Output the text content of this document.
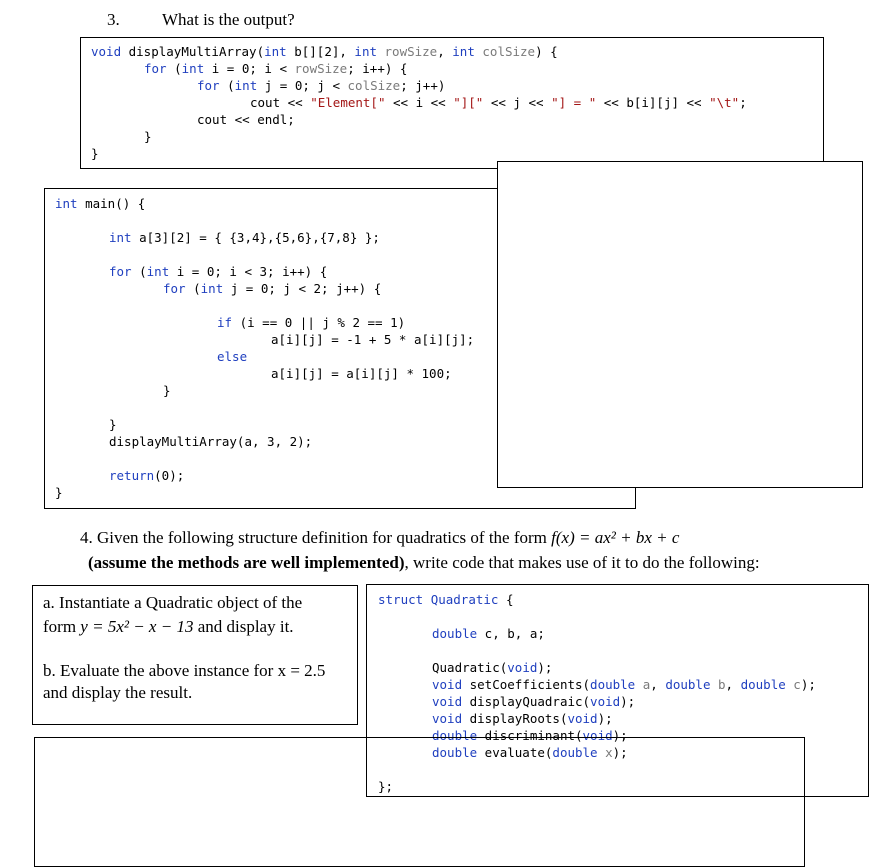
3. What is the output?
void displayMultiArray(int b[][2], int rowSize, int colSize) {
for (int i = 0; i < rowSize; i++) {
for (int j = 0; j < colSize; j++)
cout << "Element[" << i << "][" << j << "] = " << b[i][j] << "\t";
cout << endl;
}
}
int main() {
int a[3][2] = { {3,4},{5,6},{7,8} };
for (int i = 0; i < 3; i++) {
for (int j = 0; j < 2; j++) {
if (i == 0 || j % 2 == 1)
a[i][j] = -1 + 5 * a[i][j];
else
a[i][j] = a[i][j] * 100;
}
}
displayMultiArray(a, 3, 2);
return(0);
}
4. Given the following structure definition for quadratics of the form f(x) = ax² + bx + c
(assume the methods are well implemented), write code that makes use of it to do the following:
a. Instantiate a Quadratic object of the
form y = 5x² − x − 13 and display it.
b. Evaluate the above instance for x = 2.5
and display the result.
struct Quadratic {
double c, b, a;
Quadratic(void);
void setCoefficients(double a, double b, double c);
void displayQuadraic(void);
void displayRoots(void);
double discriminant(void);
double evaluate(double x);
};
